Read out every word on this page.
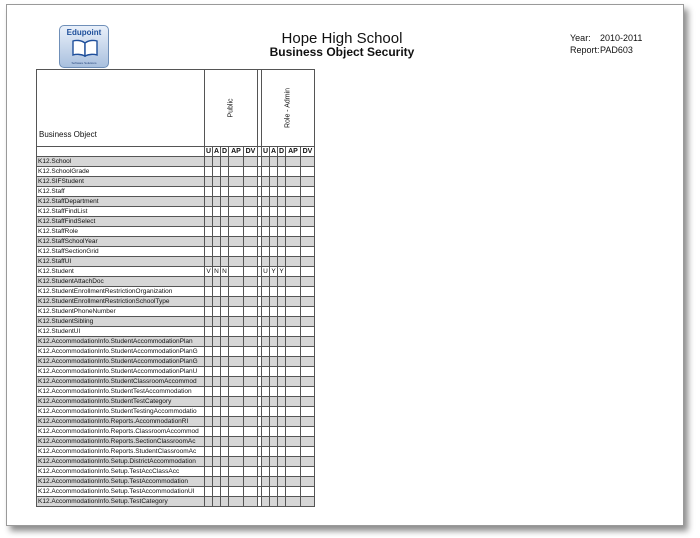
Edupoint
Software Solutions
Hope High School
Business Object Security
Year: 2010-2011
Report: PAD603
Business Object	Public						Role - Admin				

	U	A	D	AP	DV		U	A	D	AP	DV
K12.School											
K12.SchoolGrade											
K12.SIFStudent											
K12.Staff											
K12.StaffDepartment											
K12.StaffFindList											
K12.StaffFindSelect											
K12.StaffRole											
K12.StaffSchoolYear											
K12.StaffSectionGrid											
K12.StaffUI											
K12.Student	V	N	N				U	Y	Y		
K12.StudentAttachDoc											
K12.StudentEnrollmentRestrictionOrganization											
K12.StudentEnrollmentRestrictionSchoolType											
K12.StudentPhoneNumber											
K12.StudentSibling											
K12.StudentUI											
K12.AccommodationInfo.StudentAccommodationPlan											
K12.AccommodationInfo.StudentAccommodationPlanG											
K12.AccommodationInfo.StudentAccommodationPlanG											
K12.AccommodationInfo.StudentAccommodationPlanU											
K12.AccommodationInfo.StudentClassroomAccommod											
K12.AccommodationInfo.StudentTestAccommodation											
K12.AccommodationInfo.StudentTestCategory											
K12.AccommodationInfo.StudentTestingAccommodatio											
K12.AccommodationInfo.Reports.AccommodationRI											
K12.AccommodationInfo.Reports.ClassroomAccommod											
K12.AccommodationInfo.Reports.SectionClassroomAc											
K12.AccommodationInfo.Reports.StudentClassroomAc											
K12.AccommodationInfo.Setup.DistrictAccommodation											
K12.AccommodationInfo.Setup.TestAccClassAcc											
K12.AccommodationInfo.Setup.TestAccommodation											
K12.AccommodationInfo.Setup.TestAccommodationUI											
K12.AccommodationInfo.Setup.TestCategory											
